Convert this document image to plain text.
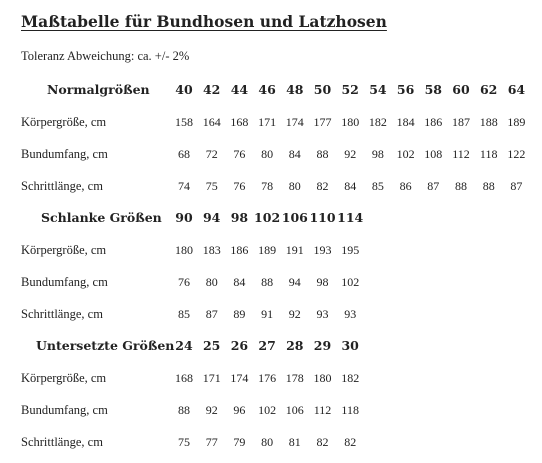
Maßtabelle für Bundhosen und Latzhosen
Toleranz Abweichung: ca. +/- 2%
Normalgrößen	40 42 44 46 48 50 52 54 56 58 60 62 64
Körpergröße, cm	158 164 168 171 174 177 180 182 184 186 187 188 189
Bundumfang, cm	68	72	76	80	84	88	92	98	102 108 112 118 122
Schrittlänge, cm	74	75	76	78	80	82	84	85	86	87	88	88	87
Schlanke Größen	90 94 98 102 106 110 114
Körpergröße, cm	180 183 186 189 191 193 195
Bundumfang, cm	76	80	84	88	94	98	102
Schrittlänge, cm	85	87	89	91	92	93	93
Untersetzte Größen 24 25 26 27 28 29 30
Körpergröße, cm	168 171 174 176 178 180 182
Bundumfang, cm	88	92	96	102 106 112 118
Schrittlänge, cm	75	77	79	80	81	82	82
